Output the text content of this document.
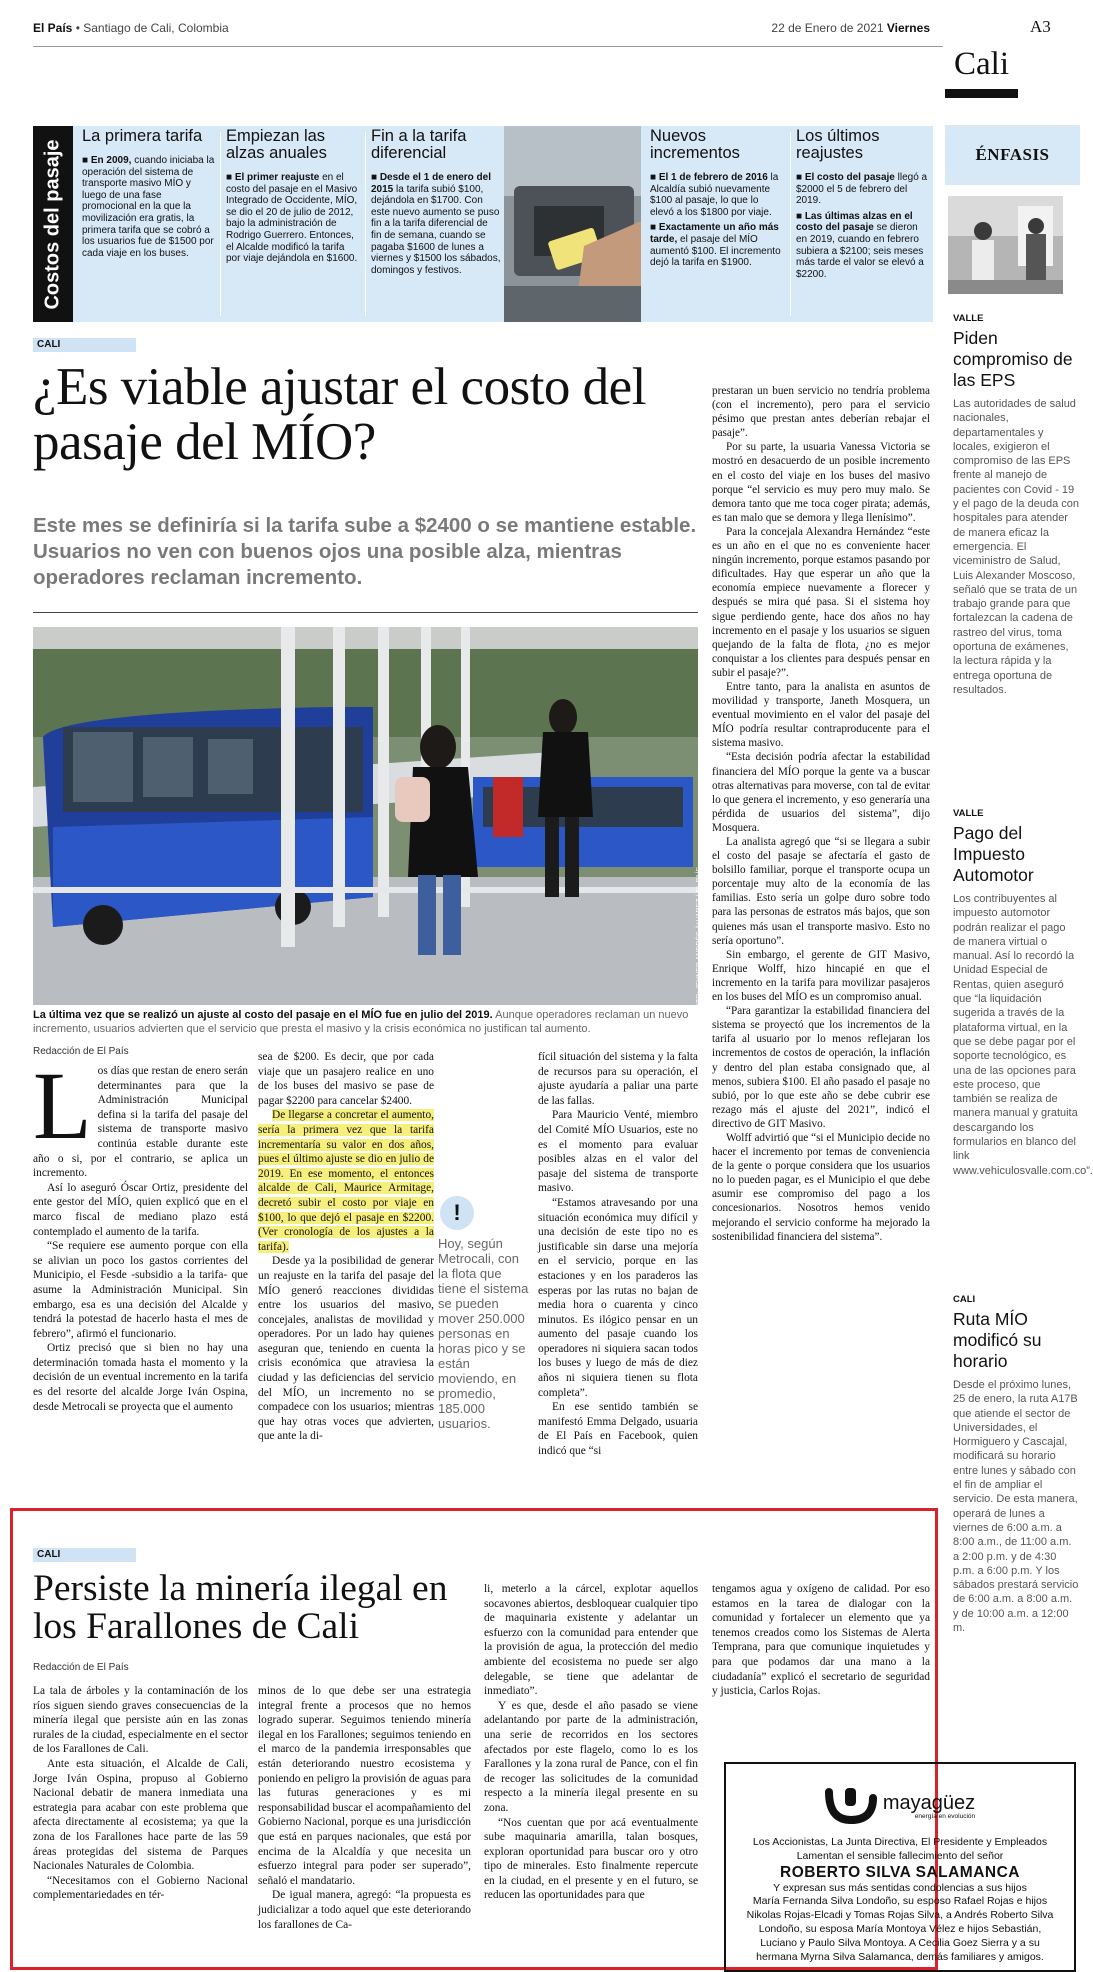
El País • Santiago de Cali, Colombia	22 de Enero de 2021 Viernes
Cali
A3
Costos del pasaje
La primera tarifa
■ En 2009, cuando iniciaba la operación del sistema de transporte masivo MÍO y luego de una fase promocional en la que la movilización era gratis, la primera tarifa que se cobró a los usuarios fue de $1500 por cada viaje en los buses.
Empiezan las alzas anuales
■ El primer reajuste en el costo del pasaje en el Masivo Integrado de Occidente, MÍO, se dio el 20 de julio de 2012, bajo la administración de Rodrigo Guerrero. Entonces, el Alcalde modificó la tarifa por viaje dejándola en $1600.
Fin a la tarifa diferencial
■ Desde el 1 de enero del 2015 la tarifa subió $100, dejándola en $1700. Con este nuevo aumento se puso fin a la tarifa diferencial de fin de semana, cuando se pagaba $1600 de lunes a viernes y $1500 los sábados, domingos y festivos.
Nuevos incrementos
■ El 1 de febrero de 2016 la Alcaldía subió nuevamente $100 al pasaje, lo que lo elevó a los $1800 por viaje.
■ Exactamente un año más tarde, el pasaje del MÍO aumentó $100. El incremento dejó la tarifa en $1900.
Los últimos reajustes
■ El costo del pasaje llegó a $2000 el 5 de febrero del 2019.
■ Las últimas alzas en el costo del pasaje se dieron en 2019, cuando en febrero subiera a $2100; seis meses más tarde el valor se elevó a $2200.
CALI
¿Es viable ajustar el costo del pasaje del MÍO?
Este mes se definiría si la tarifa sube a $2400 o se mantiene estable. Usuarios no ven con buenos ojos una posible alza, mientras operadores reclaman incremento.
FOTO: JEYNER ANDRÉS ÁLVAREZ / EL PAÍS
La última vez que se realizó un ajuste al costo del pasaje en el MÍO fue en julio del 2019. Aunque operadores reclaman un nuevo incremento, usuarios advierten que el servicio que presta el masivo y la crisis económica no justifican tal aumento.
Redacción de El País
L os días que restan de enero serán determinantes para que la Administración Municipal defina si la tarifa del pasaje del sistema de transporte masivo continúa estable durante este año o si, por el contrario, se aplica un incremento.

Así lo aseguró Óscar Ortiz, presidente del ente gestor del MÍO, quien explicó que en el marco fiscal de mediano plazo está contemplado el aumento de la tarifa.

“Se requiere ese aumento porque con ella se alivian un poco los gastos corrientes del Municipio, el Fesde -subsidio a la tarifa- que asume la Administración Municipal. Sin embargo, esa es una decisión del Alcalde y tendrá la potestad de hacerlo hasta el mes de febrero”, afirmó el funcionario.

Ortiz precisó que si bien no hay una determinación tomada hasta el momento y la decisión de un eventual incremento en la tarifa es del resorte del alcalde Jorge Iván Ospina, desde Metrocali se proyecta que el aumento

sea de $200. Es decir, que por cada viaje que un pasajero realice en uno de los buses del masivo se pase de pagar $2200 para cancelar $2400.

De llegarse a concretar el aumento, sería la primera vez que la tarifa incrementaría su valor en dos años, pues el último ajuste se dio en julio de 2019. En ese momento, el entonces alcalde de Cali, Maurice Armitage, decretó subir el costo por viaje en $100, lo que dejó el pasaje en $2200. (Ver cronología de los ajustes a la tarifa).

Desde ya la posibilidad de generar un reajuste en la tarifa del pasaje del MÍO generó reacciones divididas entre los usuarios del masivo, concejales, analistas de movilidad y operadores. Por un lado hay quienes aseguran que, teniendo en cuenta la crisis económica que atraviesa la ciudad y las deficiencias del servicio del MÍO, un incremento no se compadece con los usuarios; mientras que hay otras voces que advierten, que ante la di-

!
Hoy, según Metrocali, con la flota que tiene el sistema se pueden mover 250.000 personas en horas pico y se están moviendo, en promedio, 185.000 usuarios.

fícil situación del sistema y la falta de recursos para su operación, el ajuste ayudaría a paliar una parte de las fallas.

Para Mauricio Venté, miembro del Comité MÍO Usuarios, este no es el momento para evaluar posibles alzas en el valor del pasaje del sistema de transporte masivo.

“Estamos atravesando por una situación económica muy difícil y una decisión de este tipo no es justificable sin darse una mejoría en el servicio, porque en las estaciones y en los paraderos las esperas por las rutas no bajan de media hora o cuarenta y cinco minutos. Es ilógico pensar en un aumento del pasaje cuando los operadores ni siquiera sacan todos los buses y luego de más de diez años ni siquiera tienen su flota completa”.

En ese sentido también se manifestó Emma Delgado, usuaria de El País en Facebook, quien indicó que “si

prestaran un buen servicio no tendría problema (con el incremento), pero para el servicio pésimo que prestan antes deberían rebajar el pasaje”.

Por su parte, la usuaria Vanessa Victoria se mostró en desacuerdo de un posible incremento en el costo del viaje en los buses del masivo porque “el servicio es muy pero muy malo. Se demora tanto que me toca coger pirata; además, es tan malo que se demora y llega llenísimo”.

Para la concejala Alexandra Hernández “este es un año en el que no es conveniente hacer ningún incremento, porque estamos pasando por dificultades. Hay que esperar un año que la economía empiece nuevamente a florecer y después se mira qué pasa. Si el sistema hoy sigue perdiendo gente, hace dos años no hay incremento en el pasaje y los usuarios se siguen quejando de la falta de flota, ¿no es mejor conquistar a los clientes para después pensar en subir el pasaje?”.

Entre tanto, para la analista en asuntos de movilidad y transporte, Janeth Mosquera, un eventual movimiento en el valor del pasaje del MÍO podría resultar contraproducente para el sistema masivo.

“Esta decisión podría afectar la estabilidad financiera del MÍO porque la gente va a buscar otras alternativas para moverse, con tal de evitar lo que genera el incremento, y eso generaría una pérdida de usuarios del sistema”, dijo Mosquera.

La analista agregó que “si se llegara a subir el costo del pasaje se afectaría el gasto de bolsillo familiar, porque el transporte ocupa un porcentaje muy alto de la economía de las familias. Esto sería un golpe duro sobre todo para las personas de estratos más bajos, que son quienes más usan el transporte masivo. Esto no sería oportuno”.

Sin embargo, el gerente de GIT Masivo, Enrique Wolff, hizo hincapié en que el incremento en la tarifa para movilizar pasajeros en los buses del MÍO es un compromiso anual.

“Para garantizar la estabilidad financiera del sistema se proyectó que los incrementos de la tarifa al usuario por lo menos reflejaran los incrementos de costos de operación, la inflación y dentro del plan estaba consignado que, al menos, subiera $100. El año pasado el pasaje no subió, por lo que este año se debe cubrir ese rezago más el ajuste del 2021”, indicó el directivo de GIT Masivo.

Wolff advirtió que “si el Municipio decide no hacer el incremento por temas de conveniencia de la gente o porque considera que los usuarios no lo pueden pagar, es el Municipio el que debe asumir ese compromiso del pago a los concesionarios. Nosotros hemos venido mejorando el servicio conforme ha mejorado la sostenibilidad financiera del sistema”.

ÉNFASIS
VALLE
Piden compromiso de las EPS
Las autoridades de salud nacionales, departamentales y locales, exigieron el compromiso de las EPS frente al manejo de pacientes con Covid - 19 y el pago de la deuda con hospitales para atender de manera eficaz la emergencia. El viceministro de Salud, Luis Alexander Moscoso, señaló que se trata de un trabajo grande para que fortalezcan la cadena de rastreo del virus, toma oportuna de exámenes, la lectura rápida y la entrega oportuna de resultados.
VALLE
Pago del Impuesto Automotor
Los contribuyentes al impuesto automotor podrán realizar el pago de manera virtual o manual. Así lo recordó la Unidad Especial de Rentas, quien aseguró que “la liquidación sugerida a través de la plataforma virtual, en la que se debe pagar por el soporte tecnológico, es una de las opciones para este proceso, que también se realiza de manera manual y gratuita descargando los formularios en blanco del link www.vehiculosvalle.com.co”.
CALI
Ruta MÍO modificó su horario
Desde el próximo lunes, 25 de enero, la ruta A17B que atiende el sector de Universidades, el Hormiguero y Cascajal, modificará su horario entre lunes y sábado con el fin de ampliar el servicio. De esta manera, operará de lunes a viernes de 6:00 a.m. a 8:00 a.m., de 11:00 a.m. a 2:00 p.m. y de 4:30 p.m. a 6:00 p.m. Y los sábados prestará servicio de 6:00 a.m. a 8:00 a.m. y de 10:00 a.m. a 12:00 m.
CALI
Persiste la minería ilegal en los Farallones de Cali
Redacción de El País

La tala de árboles y la contaminación de los ríos siguen siendo graves consecuencias de la minería ilegal que persiste aún en las zonas rurales de la ciudad, especialmente en el sector de los Farallones de Cali.

Ante esta situación, el Alcalde de Cali, Jorge Iván Ospina, propuso al Gobierno Nacional debatir de manera inmediata una estrategia para acabar con este problema que afecta directamente al ecosistema; ya que la zona de los Farallones hace parte de las 59 áreas protegidas del sistema de Parques Nacionales Naturales de Colombia.

“Necesitamos con el Gobierno Nacional complementariedades en tér-

minos de lo que debe ser una estrategia integral frente a procesos que no hemos logrado superar. Seguimos teniendo minería ilegal en los Farallones; seguimos teniendo en el marco de la pandemia irresponsables que están deteriorando nuestro ecosistema y poniendo en peligro la provisión de aguas para las futuras generaciones y es mi responsabilidad buscar el acompañamiento del Gobierno Nacional, porque es una jurisdicción que está en parques nacionales, que está por encima de la Alcaldía y que necesita un esfuerzo integral para poder ser superado”, señaló el mandatario.

De igual manera, agregó: “la propuesta es judicializar a todo aquel que este deteriorando los farallones de Ca-

li, meterlo a la cárcel, explotar aquellos socavones abiertos, desbloquear cualquier tipo de maquinaria existente y adelantar un esfuerzo con la comunidad para entender que la provisión de agua, la protección del medio ambiente del ecosistema no puede ser algo delegable, se tiene que adelantar de inmediato”.

Y es que, desde el año pasado se viene adelantando por parte de la administración, una serie de recorridos en los sectores afectados por este flagelo, como lo es los Farallones y la zona rural de Pance, con el fin de recoger las solicitudes de la comunidad respecto a la minería ilegal presente en su zona.

“Nos cuentan que por acá eventualmente sube maquinaria amarilla, talan bosques, exploran oportunidad para buscar oro y otro tipo de minerales. Esto finalmente repercute en la ciudad, en el presente y en el futuro, se reducen las oportunidades para que

tengamos agua y oxígeno de calidad. Por eso estamos en la tarea de dialogar con la comunidad y fortalecer un elemento que ya tenemos creados como los Sistemas de Alerta Temprana, para que comunique inquietudes y para que podamos dar una mano a la ciudadanía” explicó el secretario de seguridad y justicia, Carlos Rojas.

mayagüez
energía en evolución
Los Accionistas, La Junta Directiva, El Presidente y Empleados
Lamentan el sensible fallecimiento del señor
ROBERTO SILVA SALAMANCA
Y expresan sus más sentidas condolencias a sus hijos
María Fernanda Silva Londoño, su esposo Rafael Rojas e hijos
Nikolas Rojas-Elcadi y Tomas Rojas Silva, a Andrés Roberto Silva
Londoño, su esposa María Montoya Vélez e hijos Sebastián,
Luciano y Paulo Silva Montoya. A Cecilia Goez Sierra y a su
hermana Myrna Silva Salamanca, demás familiares y amigos.
